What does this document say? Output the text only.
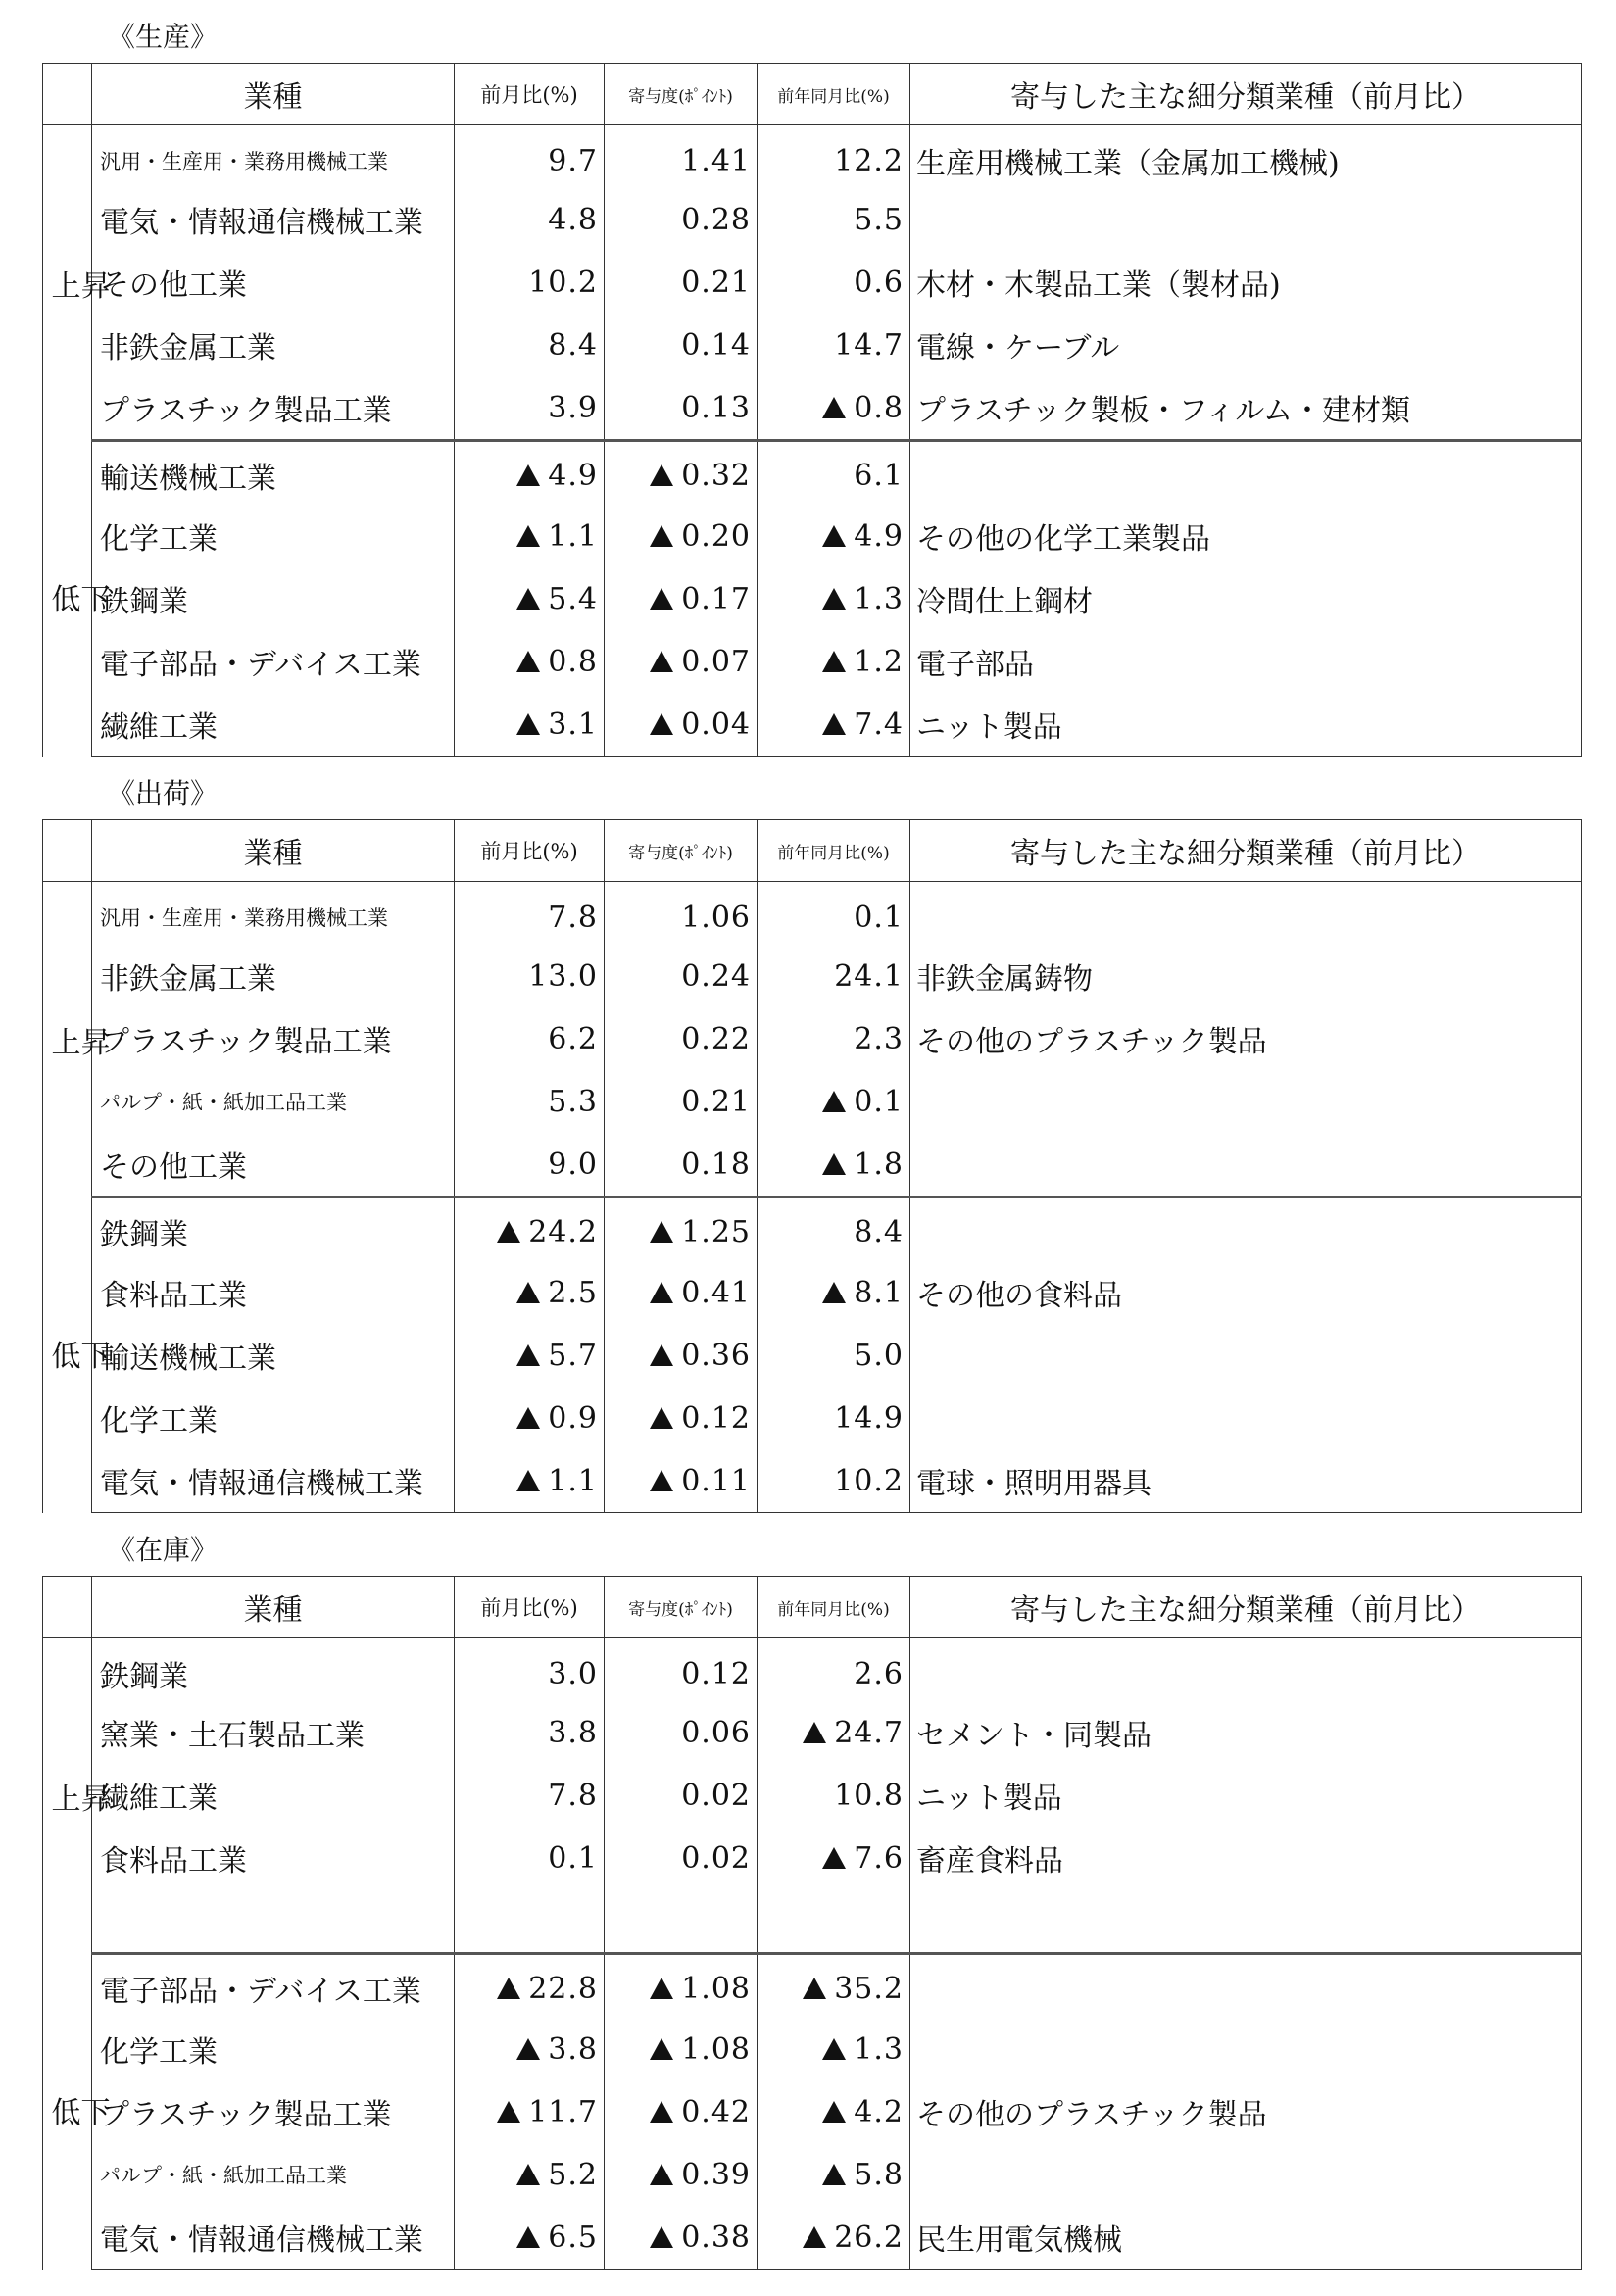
《生産》
	業種	前月比(%)	寄与度(ﾎﾟｲﾝﾄ)	前年同月比(%)	寄与した主な細分類業種（前月比）

上昇	汎用・生産用・業務用機械工業	9.7	1.41	12.2	生産用機械工業（金属加工機械)
	電気・情報通信機械工業	4.8	0.28	5.5	
	その他工業	10.2	0.21	0.6	木材・木製品工業（製材品)
	非鉄金属工業	8.4	0.14	14.7	電線・ケーブル
	プラスチック製品工業	3.9	0.13	0.8	プラスチック製板・フィルム・建材類

低下	輸送機械工業	4.9	0.32	6.1	
	化学工業	1.1	0.20	4.9	その他の化学工業製品
	鉄鋼業	5.4	0.17	1.3	冷間仕上鋼材
	電子部品・デバイス工業	0.8	0.07	1.2	電子部品
	繊維工業	3.1	0.04	7.4	ニット製品
《出荷》
	業種	前月比(%)	寄与度(ﾎﾟｲﾝﾄ)	前年同月比(%)	寄与した主な細分類業種（前月比）

上昇	汎用・生産用・業務用機械工業	7.8	1.06	0.1	
	非鉄金属工業	13.0	0.24	24.1	非鉄金属鋳物
	プラスチック製品工業	6.2	0.22	2.3	その他のプラスチック製品
	パルプ・紙・紙加工品工業	5.3	0.21	0.1	
	その他工業	9.0	0.18	1.8	

低下	鉄鋼業	24.2	1.25	8.4	
	食料品工業	2.5	0.41	8.1	その他の食料品
	輸送機械工業	5.7	0.36	5.0	
	化学工業	0.9	0.12	14.9	
	電気・情報通信機械工業	1.1	0.11	10.2	電球・照明用器具
《在庫》
	業種	前月比(%)	寄与度(ﾎﾟｲﾝﾄ)	前年同月比(%)	寄与した主な細分類業種（前月比）

上昇	鉄鋼業	3.0	0.12	2.6	
	窯業・土石製品工業	3.8	0.06	24.7	セメント・同製品
	繊維工業	7.8	0.02	10.8	ニット製品
	食料品工業	0.1	0.02	7.6	畜産食料品

低下	電子部品・デバイス工業	22.8	1.08	35.2	
	化学工業	3.8	1.08	1.3	
	プラスチック製品工業	11.7	0.42	4.2	その他のプラスチック製品
	パルプ・紙・紙加工品工業	5.2	0.39	5.8	
	電気・情報通信機械工業	6.5	0.38	26.2	民生用電気機械
